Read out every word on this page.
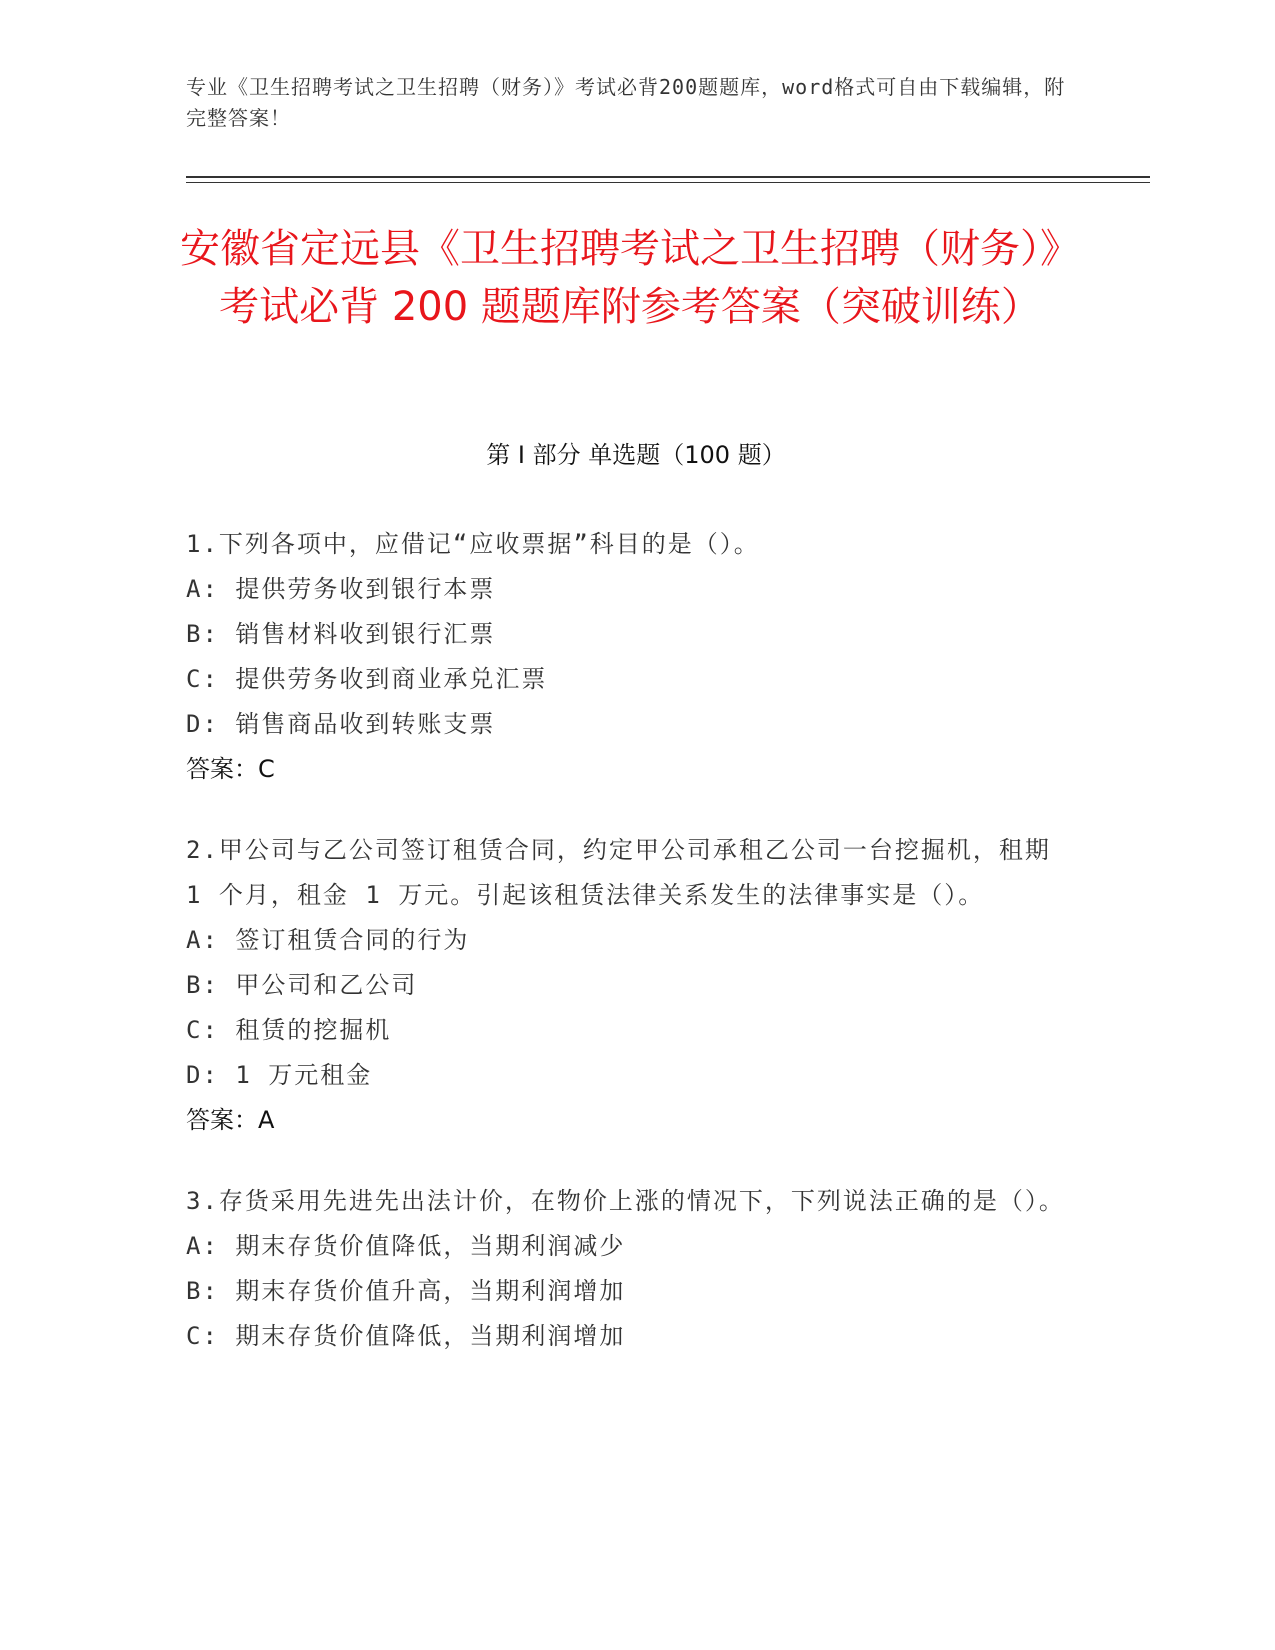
专业《卫生招聘考试之卫生招聘（财务）》考试必背200题题库，word格式可自由下载编辑，附完整答案！
安徽省定远县《卫生招聘考试之卫生招聘（财务）》考试必背 200 题题库附参考答案（突破训练）
第 I 部分 单选题（100 题）

1.下列各项中，应借记“应收票据”科目的是（）。

A: 提供劳务收到银行本票

B: 销售材料收到银行汇票

C: 提供劳务收到商业承兑汇票

D: 销售商品收到转账支票

答案：C

2.甲公司与乙公司签订租赁合同，约定甲公司承租乙公司一台挖掘机，租期 1 个月，租金 1 万元。引起该租赁法律关系发生的法律事实是（）。

A: 签订租赁合同的行为

B: 甲公司和乙公司

C: 租赁的挖掘机

D: 1 万元租金

答案：A

3.存货采用先进先出法计价，在物价上涨的情况下，下列说法正确的是（）。

A: 期末存货价值降低，当期利润减少

B: 期末存货价值升高，当期利润增加

C: 期末存货价值降低，当期利润增加
